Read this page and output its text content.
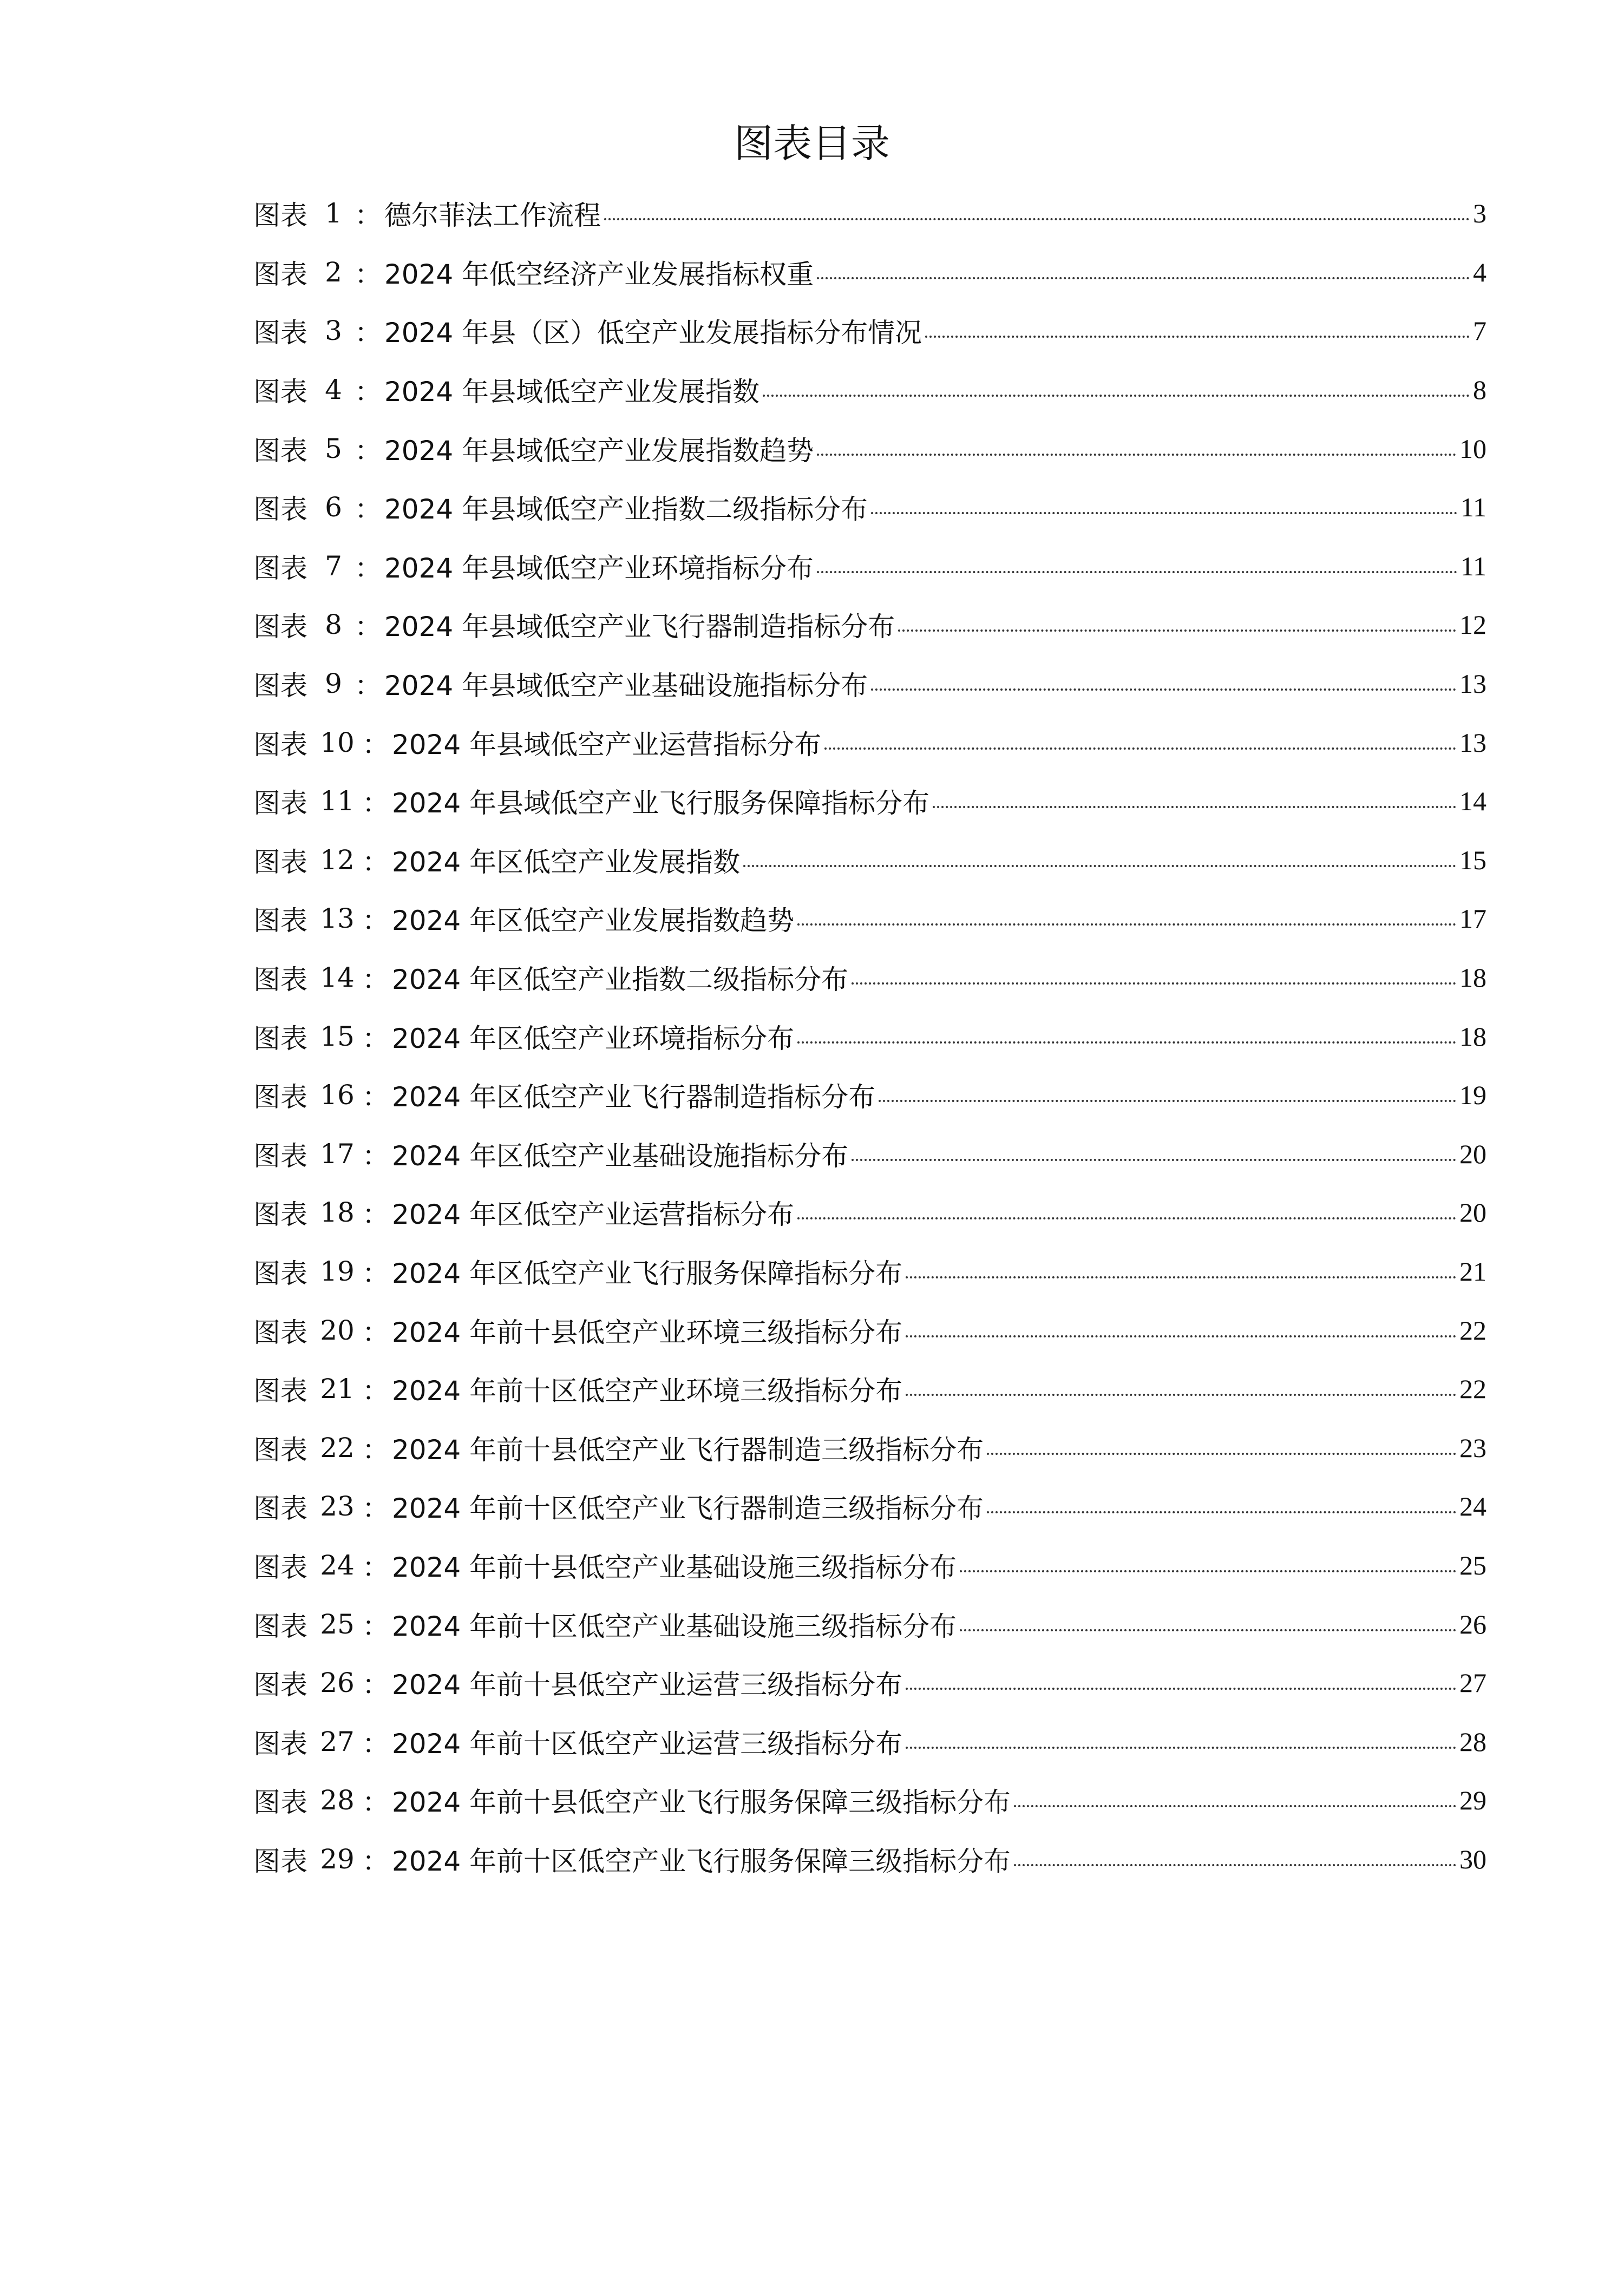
图表目录
图表 1 ： 德尔菲法工作流程	3
图表 2 ： 2024 年低空经济产业发展指标权重	4
图表 3 ： 2024 年县（区）低空产业发展指标分布情况	7
图表 4 ： 2024 年县域低空产业发展指数	8
图表 5 ： 2024 年县域低空产业发展指数趋势	10
图表 6 ： 2024 年县域低空产业指数二级指标分布	11
图表 7 ： 2024 年县域低空产业环境指标分布	11
图表 8 ： 2024 年县域低空产业飞行器制造指标分布	12
图表 9 ： 2024 年县域低空产业基础设施指标分布	13
图表 10 ： 2024 年县域低空产业运营指标分布	13
图表 11 ： 2024 年县域低空产业飞行服务保障指标分布	14
图表 12 ： 2024 年区低空产业发展指数	15
图表 13 ： 2024 年区低空产业发展指数趋势	17
图表 14 ： 2024 年区低空产业指数二级指标分布	18
图表 15 ： 2024 年区低空产业环境指标分布	18
图表 16 ： 2024 年区低空产业飞行器制造指标分布	19
图表 17 ： 2024 年区低空产业基础设施指标分布	20
图表 18 ： 2024 年区低空产业运营指标分布	20
图表 19 ： 2024 年区低空产业飞行服务保障指标分布	21
图表 20 ： 2024 年前十县低空产业环境三级指标分布	22
图表 21 ： 2024 年前十区低空产业环境三级指标分布	22
图表 22 ： 2024 年前十县低空产业飞行器制造三级指标分布	23
图表 23 ： 2024 年前十区低空产业飞行器制造三级指标分布	24
图表 24 ： 2024 年前十县低空产业基础设施三级指标分布	25
图表 25 ： 2024 年前十区低空产业基础设施三级指标分布	26
图表 26 ： 2024 年前十县低空产业运营三级指标分布	27
图表 27 ： 2024 年前十区低空产业运营三级指标分布	28
图表 28 ： 2024 年前十县低空产业飞行服务保障三级指标分布	29
图表 29 ： 2024 年前十区低空产业飞行服务保障三级指标分布	30
